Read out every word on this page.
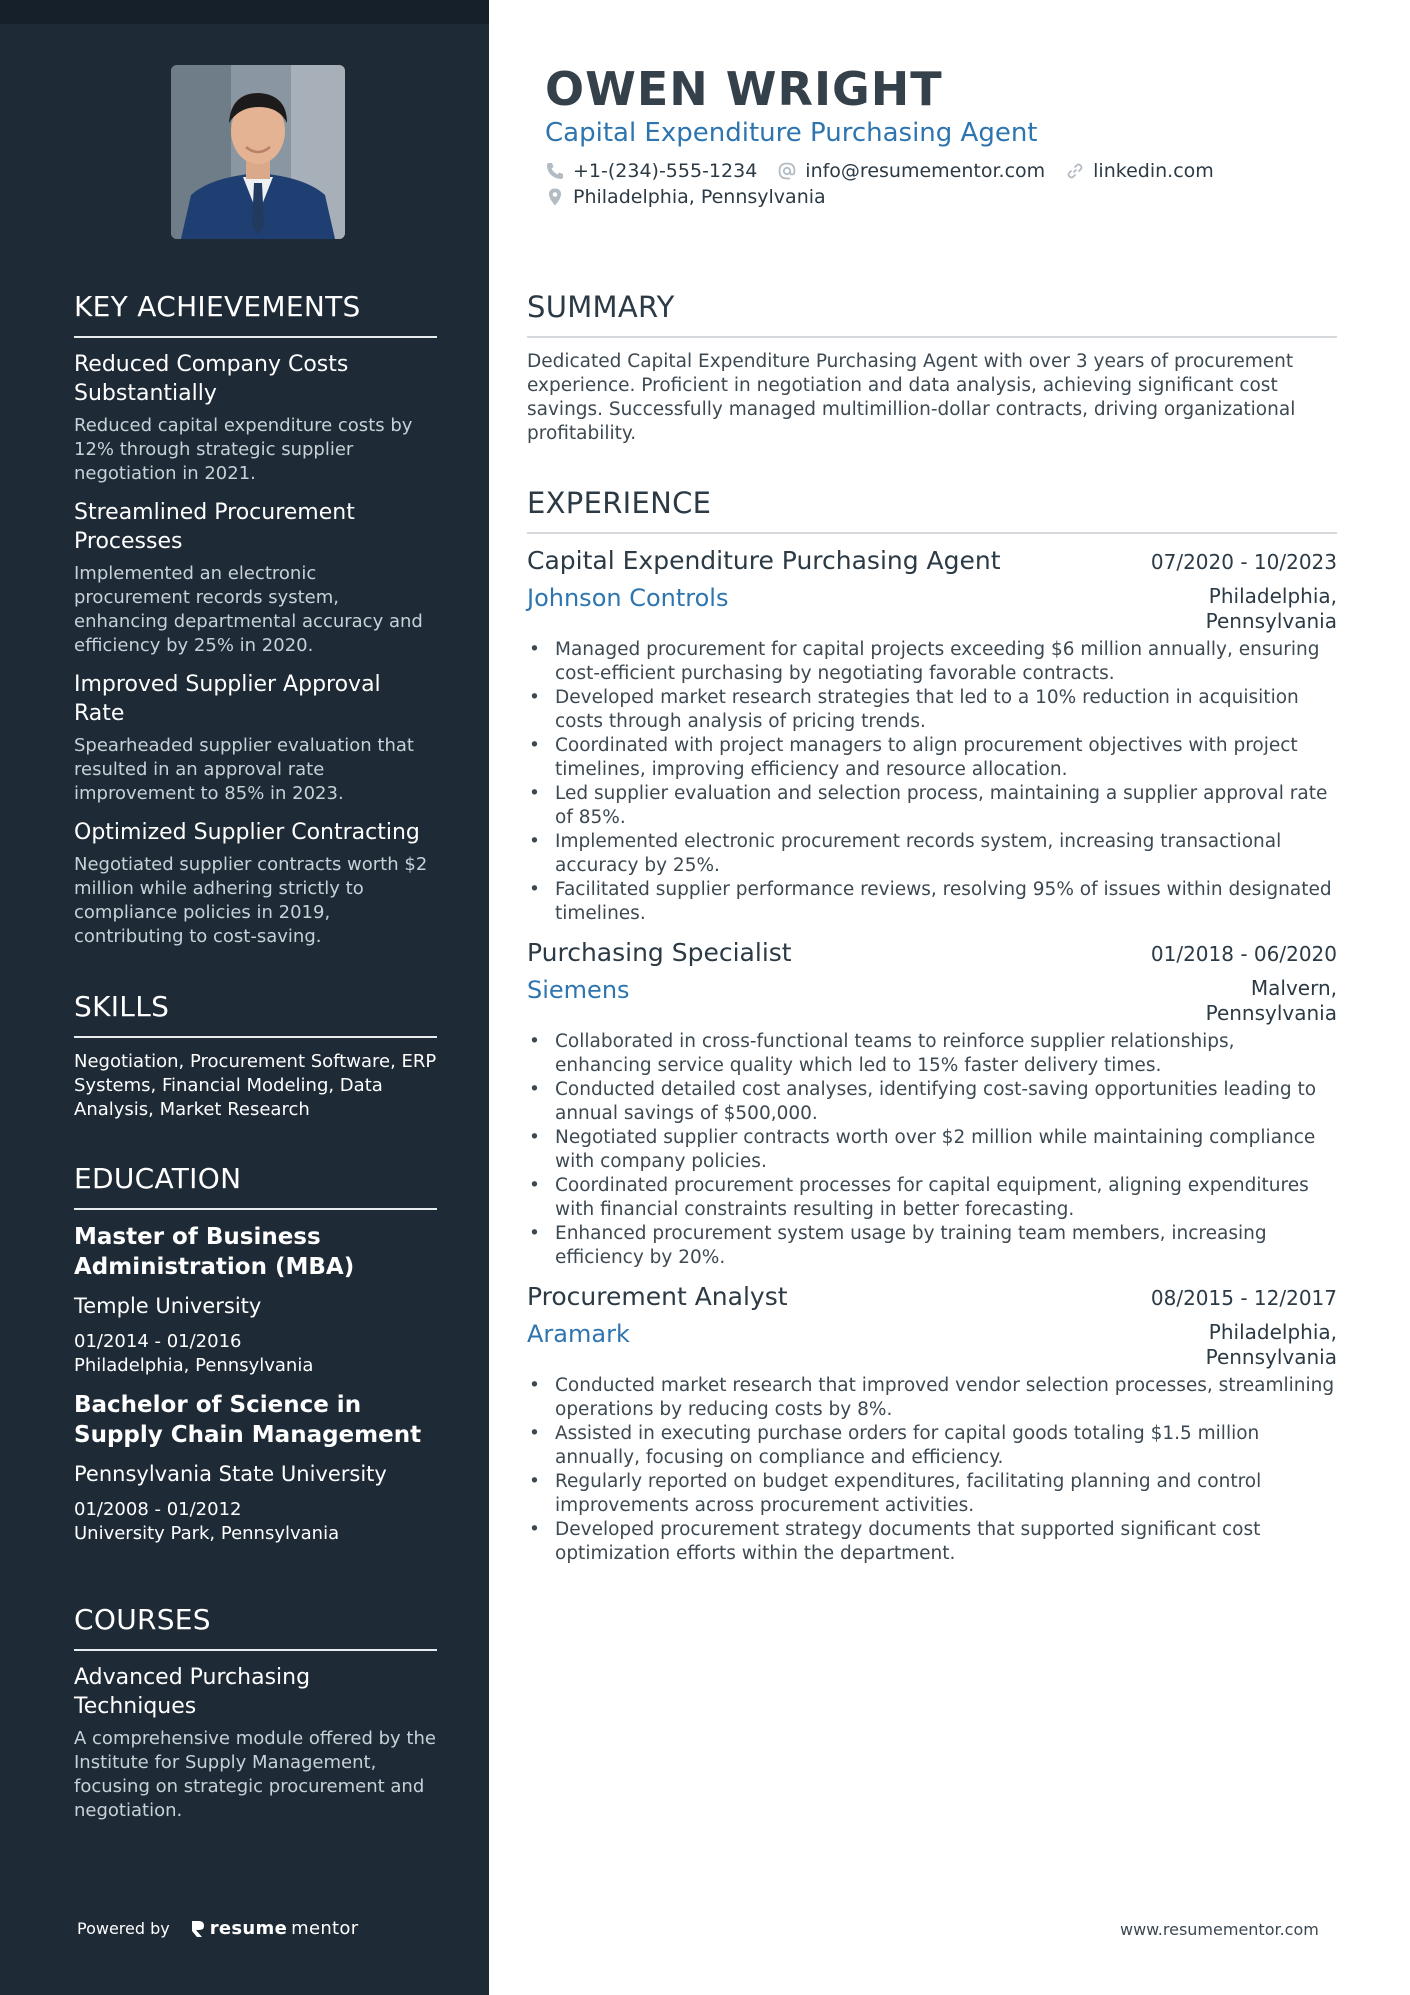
KEY ACHIEVEMENTS
Reduced Company Costs Substantially
Reduced capital expenditure costs by 12% through strategic supplier negotiation in 2021.
Streamlined Procurement Processes
Implemented an electronic procurement records system, enhancing departmental accuracy and efficiency by 25% in 2020.
Improved Supplier Approval Rate
Spearheaded supplier evaluation that resulted in an approval rate improvement to 85% in 2023.
Optimized Supplier Contracting
Negotiated supplier contracts worth $2 million while adhering strictly to compliance policies in 2019, contributing to cost-saving.
SKILLS
Negotiation, Procurement Software, ERP Systems, Financial Modeling, Data Analysis, Market Research
EDUCATION
Master of Business Administration (MBA)
Temple University
01/2014 - 01/2016
Philadelphia, Pennsylvania
Bachelor of Science in Supply Chain Management
Pennsylvania State University
01/2008 - 01/2012
University Park, Pennsylvania
COURSES
Advanced Purchasing Techniques
A comprehensive module offered by the Institute for Supply Management, focusing on strategic procurement and negotiation.
Powered by resume mentor
OWEN WRIGHT
Capital Expenditure Purchasing Agent
+1-(234)-555-1234	info@resumementor.com	linkedin.com
Philadelphia, Pennsylvania
SUMMARY
Dedicated Capital Expenditure Purchasing Agent with over 3 years of procurement experience. Proficient in negotiation and data analysis, achieving significant cost savings. Successfully managed multimillion-dollar contracts, driving organizational profitability.
EXPERIENCE
Capital Expenditure Purchasing Agent	07/2020 - 10/2023
Johnson Controls	Philadelphia, Pennsylvania
• Managed procurement for capital projects exceeding $6 million annually, ensuring cost-efficient purchasing by negotiating favorable contracts.
• Developed market research strategies that led to a 10% reduction in acquisition costs through analysis of pricing trends.
• Coordinated with project managers to align procurement objectives with project timelines, improving efficiency and resource allocation.
• Led supplier evaluation and selection process, maintaining a supplier approval rate of 85%.
• Implemented electronic procurement records system, increasing transactional accuracy by 25%.
• Facilitated supplier performance reviews, resolving 95% of issues within designated timelines.
Purchasing Specialist	01/2018 - 06/2020
Siemens	Malvern, Pennsylvania
• Collaborated in cross-functional teams to reinforce supplier relationships, enhancing service quality which led to 15% faster delivery times.
• Conducted detailed cost analyses, identifying cost-saving opportunities leading to annual savings of $500,000.
• Negotiated supplier contracts worth over $2 million while maintaining compliance with company policies.
• Coordinated procurement processes for capital equipment, aligning expenditures with financial constraints resulting in better forecasting.
• Enhanced procurement system usage by training team members, increasing efficiency by 20%.
Procurement Analyst	08/2015 - 12/2017
Aramark	Philadelphia, Pennsylvania
• Conducted market research that improved vendor selection processes, streamlining operations by reducing costs by 8%.
• Assisted in executing purchase orders for capital goods totaling $1.5 million annually, focusing on compliance and efficiency.
• Regularly reported on budget expenditures, facilitating planning and control improvements across procurement activities.
• Developed procurement strategy documents that supported significant cost optimization efforts within the department.
www.resumementor.com
